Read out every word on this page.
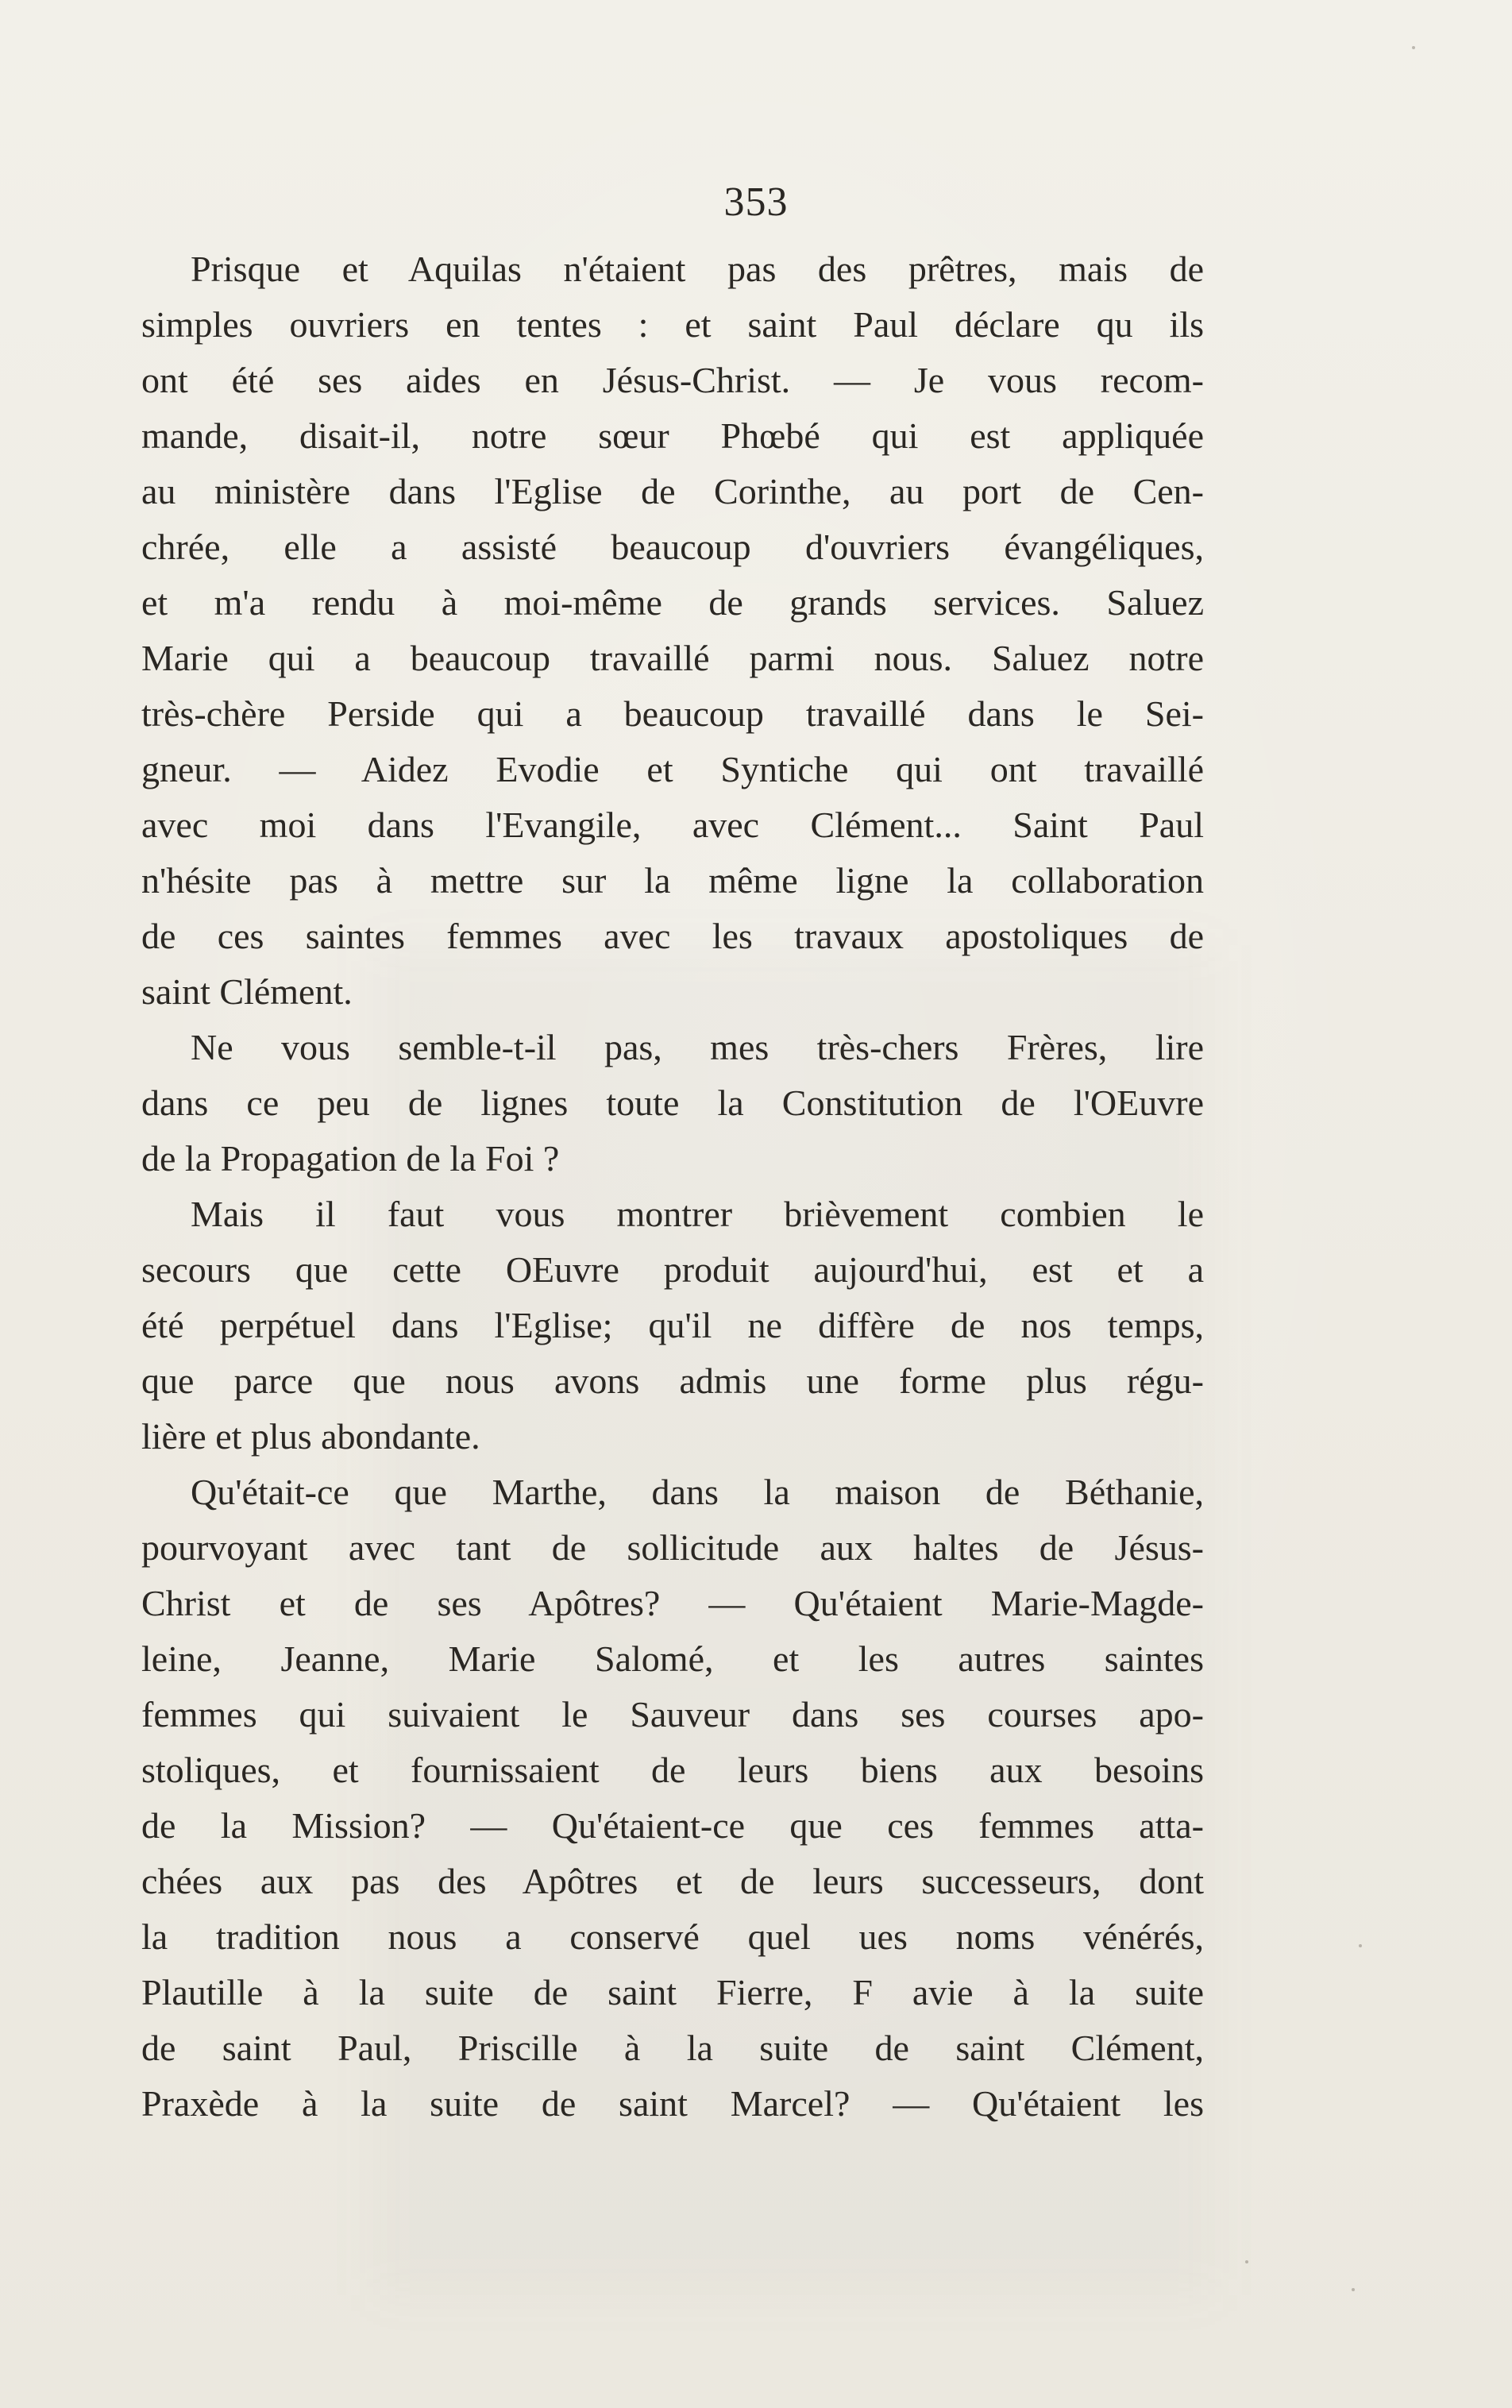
353
Prisque et Aquilas n'étaient pas des prêtres, mais de
simples ouvriers en tentes : et saint Paul déclare qu ils
ont été ses aides en Jésus-Christ. — Je vous recom-
mande, disait-il, notre sœur Phœbé qui est appliquée
au ministère dans l'Eglise de Corinthe, au port de Cen-
chrée, elle a assisté beaucoup d'ouvriers évangéliques,
et m'a rendu à moi-même de grands services. Saluez
Marie qui a beaucoup travaillé parmi nous. Saluez notre
très-chère Perside qui a beaucoup travaillé dans le Sei-
gneur. — Aidez Evodie et Syntiche qui ont travaillé
avec moi dans l'Evangile, avec Clément... Saint Paul
n'hésite pas à mettre sur la même ligne la collaboration
de ces saintes femmes avec les travaux apostoliques de
saint Clément.
Ne vous semble-t-il pas, mes très-chers Frères, lire
dans ce peu de lignes toute la Constitution de l'OEuvre
de la Propagation de la Foi ?
Mais il faut vous montrer brièvement combien le
secours que cette OEuvre produit aujourd'hui, est et a
été perpétuel dans l'Eglise; qu'il ne diffère de nos temps,
que parce que nous avons admis une forme plus régu-
lière et plus abondante.
Qu'était-ce que Marthe, dans la maison de Béthanie,
pourvoyant avec tant de sollicitude aux haltes de Jésus-
Christ et de ses Apôtres? — Qu'étaient Marie-Magde-
leine, Jeanne, Marie Salomé, et les autres saintes
femmes qui suivaient le Sauveur dans ses courses apo-
stoliques, et fournissaient de leurs biens aux besoins
de la Mission? — Qu'étaient-ce que ces femmes atta-
chées aux pas des Apôtres et de leurs successeurs, dont
la tradition nous a conservé quel ues noms vénérés,
Plautille à la suite de saint Fierre, F avie à la suite
de saint Paul, Priscille à la suite de saint Clément,
Praxède à la suite de saint Marcel? — Qu'étaient les
